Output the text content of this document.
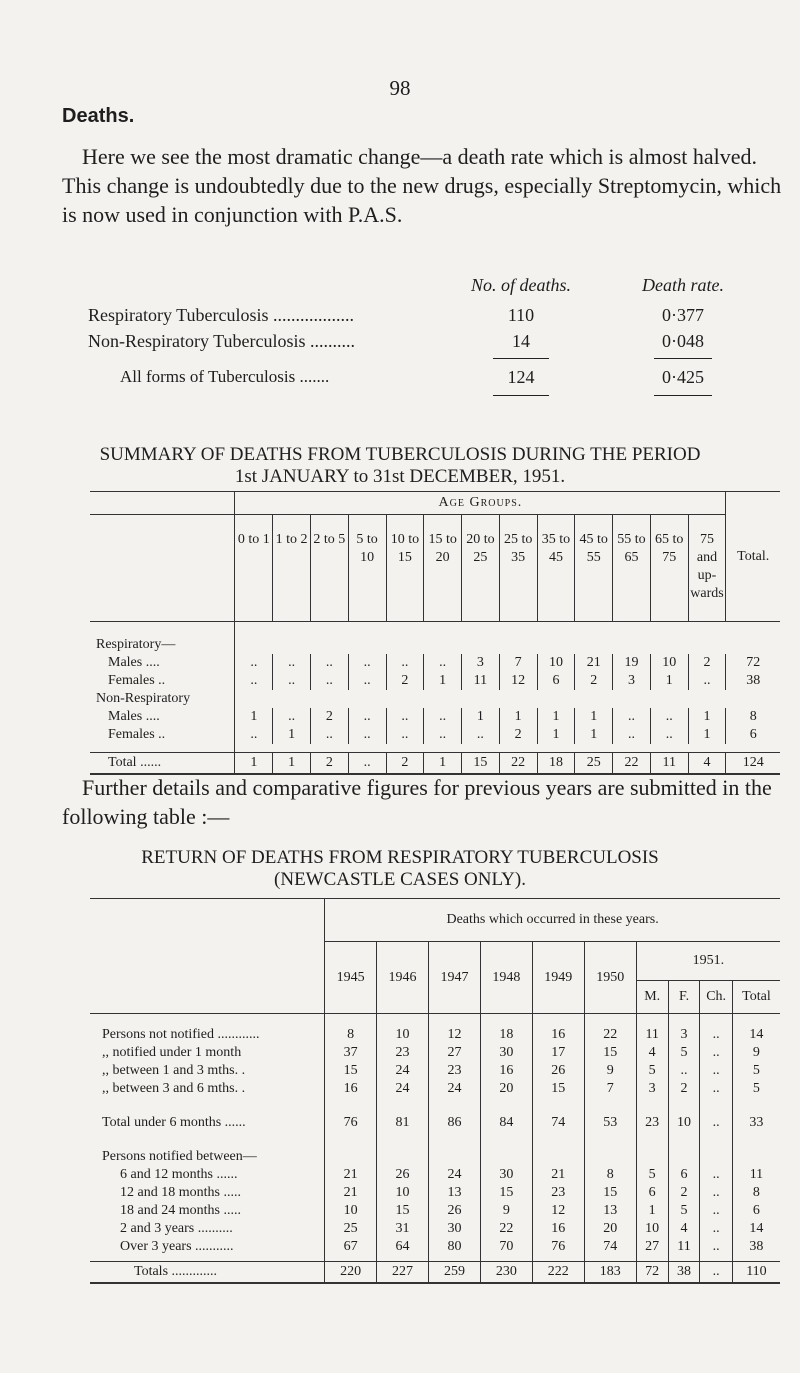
98
Deaths.
Here we see the most dramatic change—a death rate which is almost halved. This change is undoubtedly due to the new drugs, especially Streptomycin, which is now used in conjunction with P.A.S.
No. of deaths.	Death rate.
Respiratory Tuberculosis ..................	110	0·377
Non-Respiratory Tuberculosis ..........	14	0·048
All forms of Tuberculosis .......	124	0·425
SUMMARY OF DEATHS FROM TUBERCULOSIS DURING THE PERIOD
1st JANUARY to 31st DECEMBER, 1951.
	Age Groups.													Total.
	0 to 1	1 to 2	2 to 5	5 to 10	10 to 15	15 to 20	20 to 25	25 to 35	35 to 45	45 to 55	55 to 65	65 to 75	75 and up-wards	
Respiratory—														
Males ....	..	..	..	..	..	..	3	7	10	21	19	10	2	72
Females ..	..	..	..	..	2	1	11	12	6	2	3	1	..	38
Non-Respiratory														
Males ....	1	..	2	..	..	..	1	1	1	1	..	..	1	8
Females ..	..	1	..	..	..	..	..	2	1	1	..	..	1	6

Total ......	1	1	2	..	2	1	15	22	18	25	22	11	4	124
Further details and comparative figures for previous years are submitted in the following table :—
RETURN OF DEATHS FROM RESPIRATORY TUBERCULOSIS
(NEWCASTLE CASES ONLY).
	Deaths which occurred in these years.									
	1945	1946	1947	1948	1949	1950	1951.			
							M.	F.	Ch.	Total

Persons not notified ............	8	10	12	18	16	22	11	3	..	14
,, notified under 1 month	37	23	27	30	17	15	4	5	..	9
,, between 1 and 3 mths. .	15	24	23	16	26	9	5	..	..	5
,, between 3 and 6 mths. .	16	24	24	20	15	7	3	2	..	5

Total under 6 months ......	76	81	86	84	74	53	23	10	..	33

Persons notified between—										
6 and 12 months ......	21	26	24	30	21	8	5	6	..	11
12 and 18 months .....	21	10	13	15	23	15	6	2	..	8
18 and 24 months .....	10	15	26	9	12	13	1	5	..	6
2 and 3 years ..........	25	31	30	22	16	20	10	4	..	14
Over 3 years ...........	67	64	80	70	76	74	27	11	..	38

Totals .............	220	227	259	230	222	183	72	38	..	110
